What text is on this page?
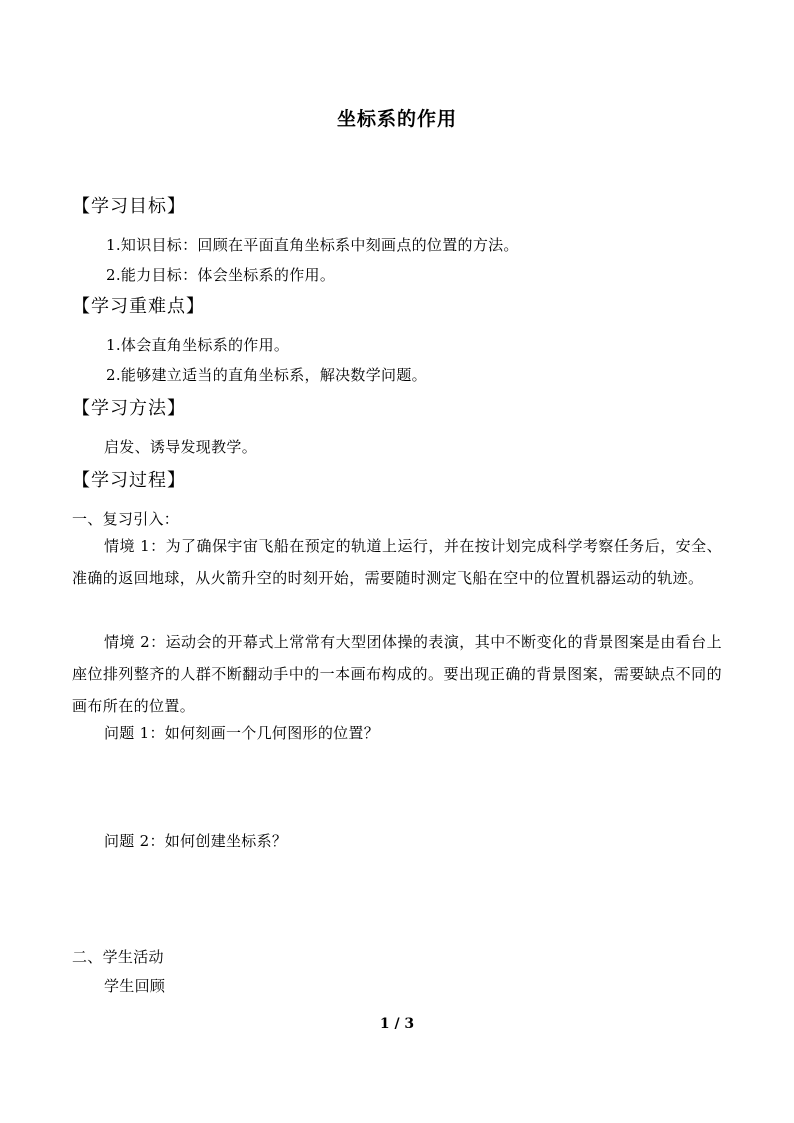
坐标系的作用
【学习目标】
1.知识目标：回顾在平面直角坐标系中刻画点的位置的方法。
2.能力目标：体会坐标系的作用。
【学习重难点】
1.体会直角坐标系的作用。
2.能够建立适当的直角坐标系，解决数学问题。
【学习方法】
启发、诱导发现教学。
【学习过程】
一、复习引入：
情境 1：为了确保宇宙飞船在预定的轨道上运行，并在按计划完成科学考察任务后，安全、准确的返回地球，从火箭升空的时刻开始，需要随时测定飞船在空中的位置机器运动的轨迹。
情境 2：运动会的开幕式上常常有大型团体操的表演，其中不断变化的背景图案是由看台上座位排列整齐的人群不断翻动手中的一本画布构成的。要出现正确的背景图案，需要缺点不同的画布所在的位置。
问题 1：如何刻画一个几何图形的位置？
问题 2：如何创建坐标系？
二、学生活动
学生回顾
1 / 3
